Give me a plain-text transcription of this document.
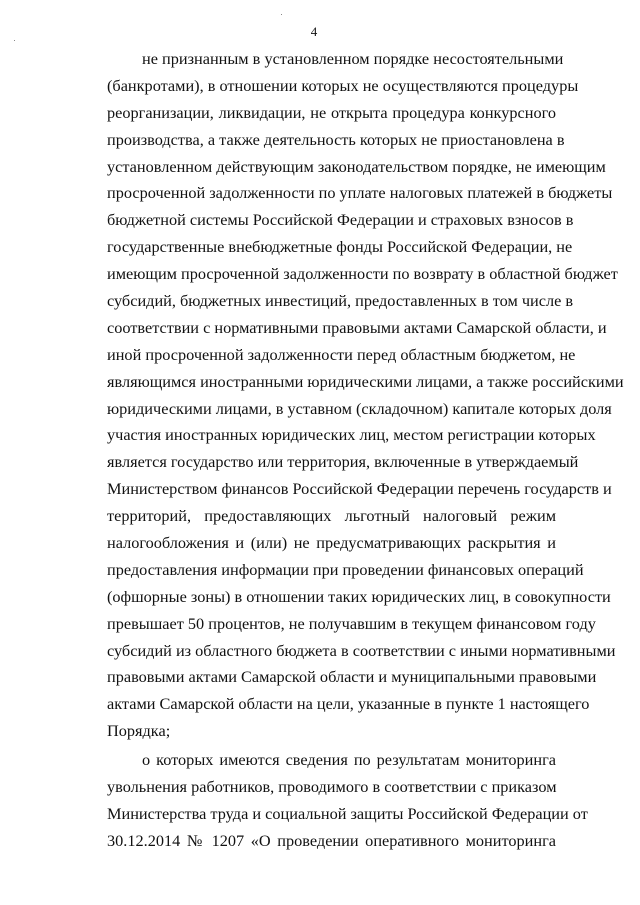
4
не признанным в установленном порядке несостоятельными
(банкротами), в отношении которых не осуществляются процедуры
реорганизации, ликвидации, не открыта процедура конкурсного
производства, а также деятельность которых не приостановлена в
установленном действующим законодательством порядке, не имеющим
просроченной задолженности по уплате налоговых платежей в бюджеты
бюджетной системы Российской Федерации и страховых взносов в
государственные внебюджетные фонды Российской Федерации, не
имеющим просроченной задолженности по возврату в областной бюджет
субсидий, бюджетных инвестиций, предоставленных в том числе в
соответствии с нормативными правовыми актами Самарской области, и
иной просроченной задолженности перед областным бюджетом, не
являющимся иностранными юридическими лицами, а также российскими
юридическими лицами, в уставном (складочном) капитале которых доля
участия иностранных юридических лиц, местом регистрации которых
является государство или территория, включенные в утверждаемый
Министерством финансов Российской Федерации перечень государств и
территорий, предоставляющих льготный налоговый режим
налогообложения и (или) не предусматривающих раскрытия и
предоставления информации при проведении финансовых операций
(офшорные зоны) в отношении таких юридических лиц, в совокупности
превышает 50 процентов, не получавшим в текущем финансовом году
субсидий из областного бюджета в соответствии с иными нормативными
правовыми актами Самарской области и муниципальными правовыми
актами Самарской области на цели, указанные в пункте 1 настоящего
Порядка;
о которых имеются сведения по результатам мониторинга
увольнения работников, проводимого в соответствии с приказом
Министерства труда и социальной защиты Российской Федерации от
30.12.2014 № 1207 «О проведении оперативного мониторинга
